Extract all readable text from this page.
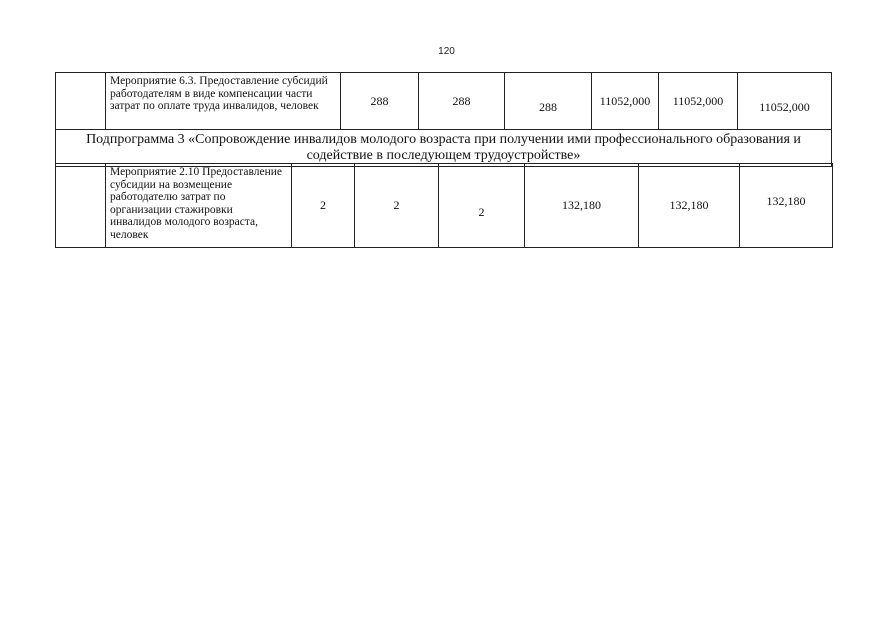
120
	Мероприятие 6.3. Предоставление субсидий работодателям в виде компенсации части затрат по оплате труда инвалидов, человек	288	288	288	11052,000	11052,000	11052,000
Подпрограмма 3 «Сопровождение инвалидов молодого возраста при получении ими профессионального образования и содействие в последующем трудоустройстве»
	Мероприятие 2.10 Предоставление субсидии на возмещение работодателю затрат по организации стажировки инвалидов молодого возраста, человек	2	2	2	132,180	132,180	132,180
